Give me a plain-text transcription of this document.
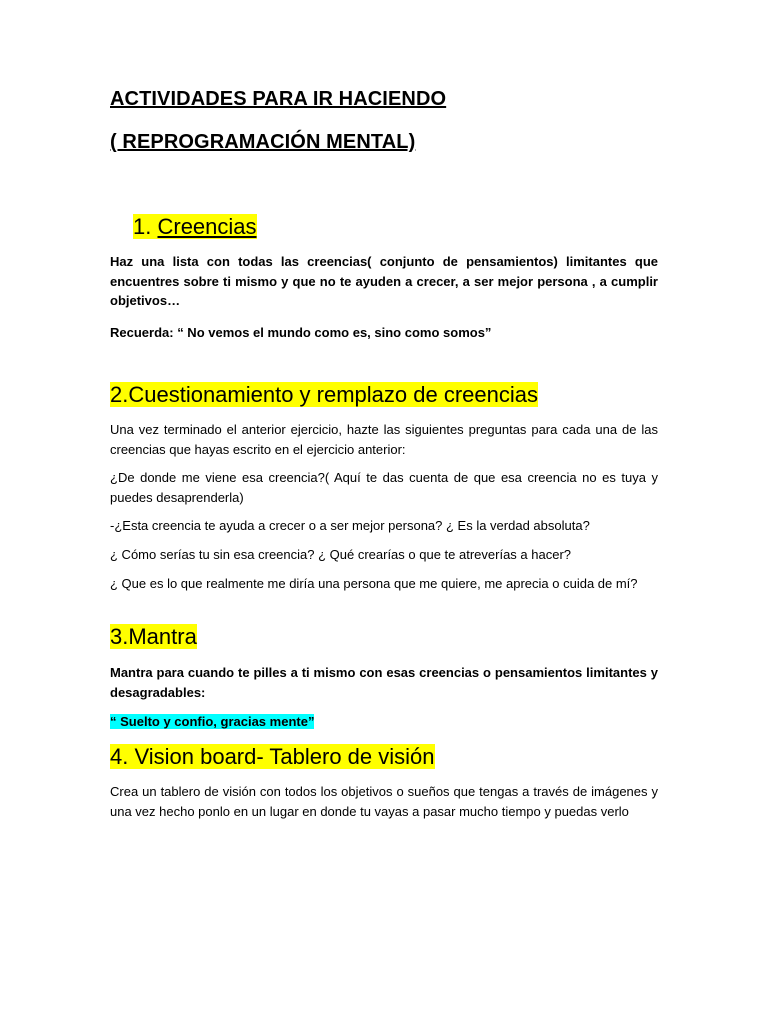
ACTIVIDADES PARA IR HACIENDO
( REPROGRAMACIÓN MENTAL)
1. Creencias

Haz una lista con todas las creencias( conjunto de pensamientos) limitantes que encuentres sobre ti mismo y que no te ayuden a crecer, a ser mejor persona , a cumplir objetivos…

Recuerda: “ No vemos el mundo como es, sino como somos”

2.Cuestionamiento y remplazo de creencias

Una vez terminado el anterior ejercicio, hazte las siguientes preguntas para cada una de las creencias que hayas escrito en el ejercicio anterior:

¿De donde me viene esa creencia?( Aquí te das cuenta de que esa creencia no es tuya y puedes desaprenderla)

-¿Esta creencia te ayuda a crecer o a ser mejor persona? ¿ Es la verdad absoluta?

¿ Cómo serías tu sin esa creencia? ¿ Qué crearías o que te atreverías a hacer?

¿ Que es lo que realmente me diría una persona que me quiere, me aprecia o cuida de mí?

3.Mantra

Mantra para cuando te pilles a ti mismo con esas creencias o pensamientos limitantes y desagradables:

“ Suelto y confio, gracias mente”

4. Vision board- Tablero de visión

Crea un tablero de visión con todos los objetivos o sueños que tengas a través de imágenes y una vez hecho ponlo en un lugar en donde tu vayas a pasar mucho tiempo y puedas verlo
